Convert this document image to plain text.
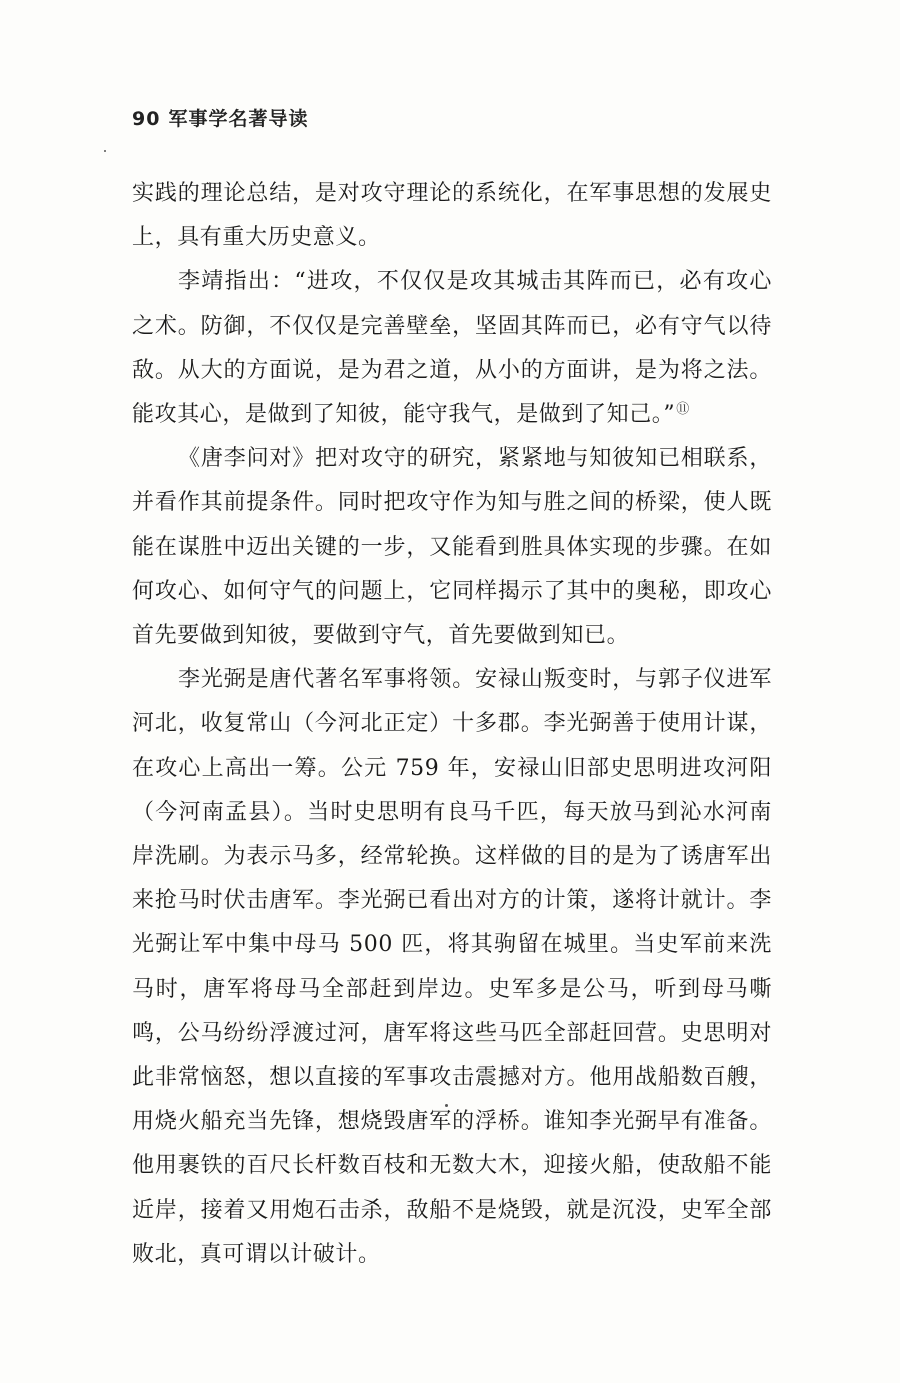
90 军事学名著导读

实践的理论总结，是对攻守理论的系统化，在军事思想的发展史上，具有重大历史意义。

李靖指出：“进攻，不仅仅是攻其城击其阵而已，必有攻心之术。防御，不仅仅是完善壁垒，坚固其阵而已，必有守气以待敌。从大的方面说，是为君之道，从小的方面讲，是为将之法。能攻其心，是做到了知彼，能守我气，是做到了知己。”⑪

《唐李问对》把对攻守的研究，紧紧地与知彼知已相联系，并看作其前提条件。同时把攻守作为知与胜之间的桥梁，使人既能在谋胜中迈出关键的一步，又能看到胜具体实现的步骤。在如何攻心、如何守气的问题上，它同样揭示了其中的奥秘，即攻心首先要做到知彼，要做到守气，首先要做到知已。

李光弼是唐代著名军事将领。安禄山叛变时，与郭子仪进军河北，收复常山（今河北正定）十多郡。李光弼善于使用计谋，在攻心上高出一筹。公元 759 年，安禄山旧部史思明进攻河阳（今河南孟县）。当时史思明有良马千匹，每天放马到沁水河南岸洗刷。为表示马多，经常轮换。这样做的目的是为了诱唐军出来抢马时伏击唐军。李光弼已看出对方的计策，遂将计就计。李光弼让军中集中母马 500 匹，将其驹留在城里。当史军前来洗马时，唐军将母马全部赶到岸边。史军多是公马，听到母马嘶鸣，公马纷纷浮渡过河，唐军将这些马匹全部赶回营。史思明对此非常恼怒，想以直接的军事攻击震撼对方。他用战船数百艘，用烧火船充当先锋，想烧毁唐军的浮桥。谁知李光弼早有准备。他用裹铁的百尺长杆数百枝和无数大木，迎接火船，使敌船不能近岸，接着又用炮石击杀，敌船不是烧毁，就是沉没，史军全部败北，真可谓以计破计。
